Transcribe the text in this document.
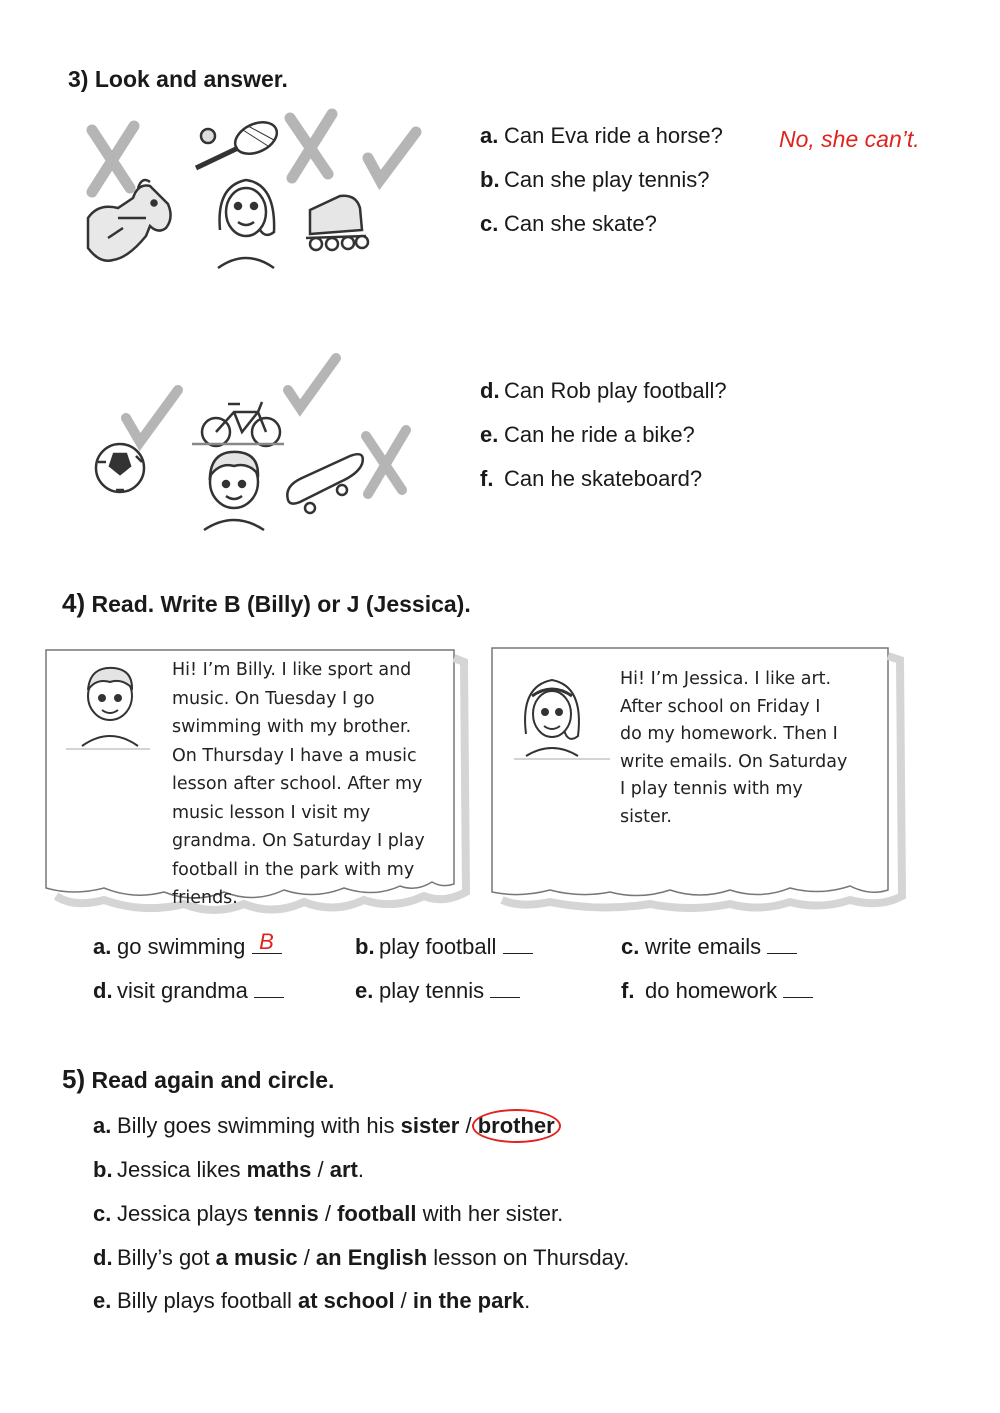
3) Look and answer.
a. Can Eva ride a horse? No, she can’t.
b. Can she play tennis?
c. Can she skate?
d. Can Rob play football?
e. Can he ride a bike?
f. Can he skateboard?
4) Read. Write B (Billy) or J (Jessica).
Hi! I’m Billy. I like sport and
music. On Tuesday I go
swimming with my brother.
On Thursday I have a music
lesson after school. After my
music lesson I visit my
grandma. On Saturday I play
football in the park with my
friends.
Hi! I’m Jessica. I like art.
After school on Friday I
do my homework. Then I
write emails. On Saturday
I play tennis with my
sister.
a. go swimming B	b. play football	c. write emails
d. visit grandma	e. play tennis	f. do homework
5) Read again and circle.
a. Billy goes swimming with his sister / brother
b. Jessica likes maths / art.
c. Jessica plays tennis / football with her sister.
d. Billy’s got a music / an English lesson on Thursday.
e. Billy plays football at school / in the park.
